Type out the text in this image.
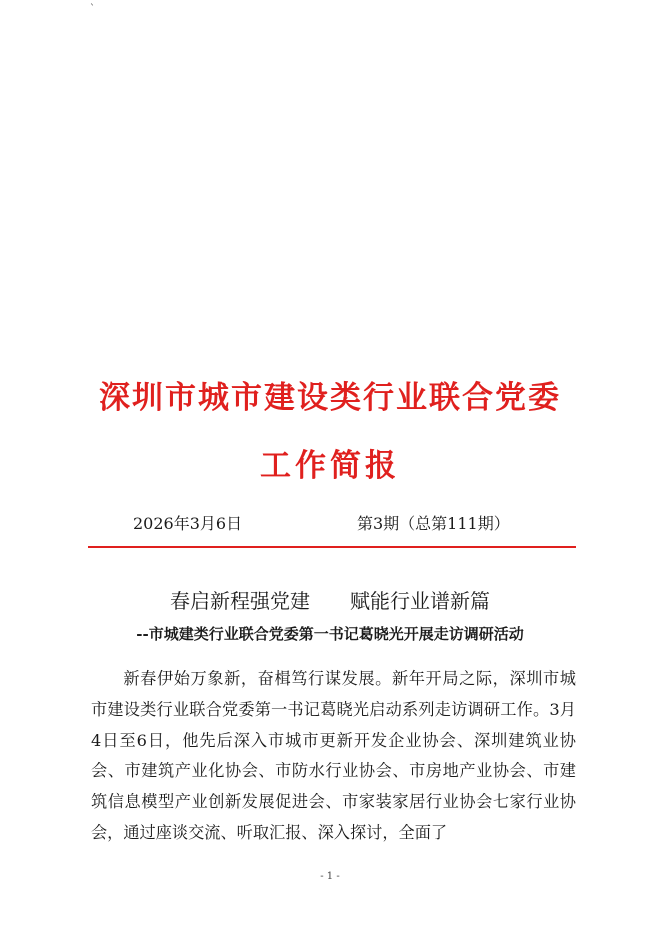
`
深圳市城市建设类行业联合党委
工作简报
2026年3月6日	第3期（总第111期）
春启新程强党建　　赋能行业谱新篇
--市城建类行业联合党委第一书记葛晓光开展走访调研活动

新春伊始万象新，奋楫笃行谋发展。新年开局之际，深圳市城市建设类行业联合党委第一书记葛晓光启动系列走访调研工作。3月4日至6日，他先后深入市城市更新开发企业协会、深圳建筑业协会、市建筑产业化协会、市防水行业协会、市房地产业协会、市建筑信息模型产业创新发展促进会、市家装家居行业协会七家行业协会，通过座谈交流、听取汇报、深入探讨，全面了

- 1 -
